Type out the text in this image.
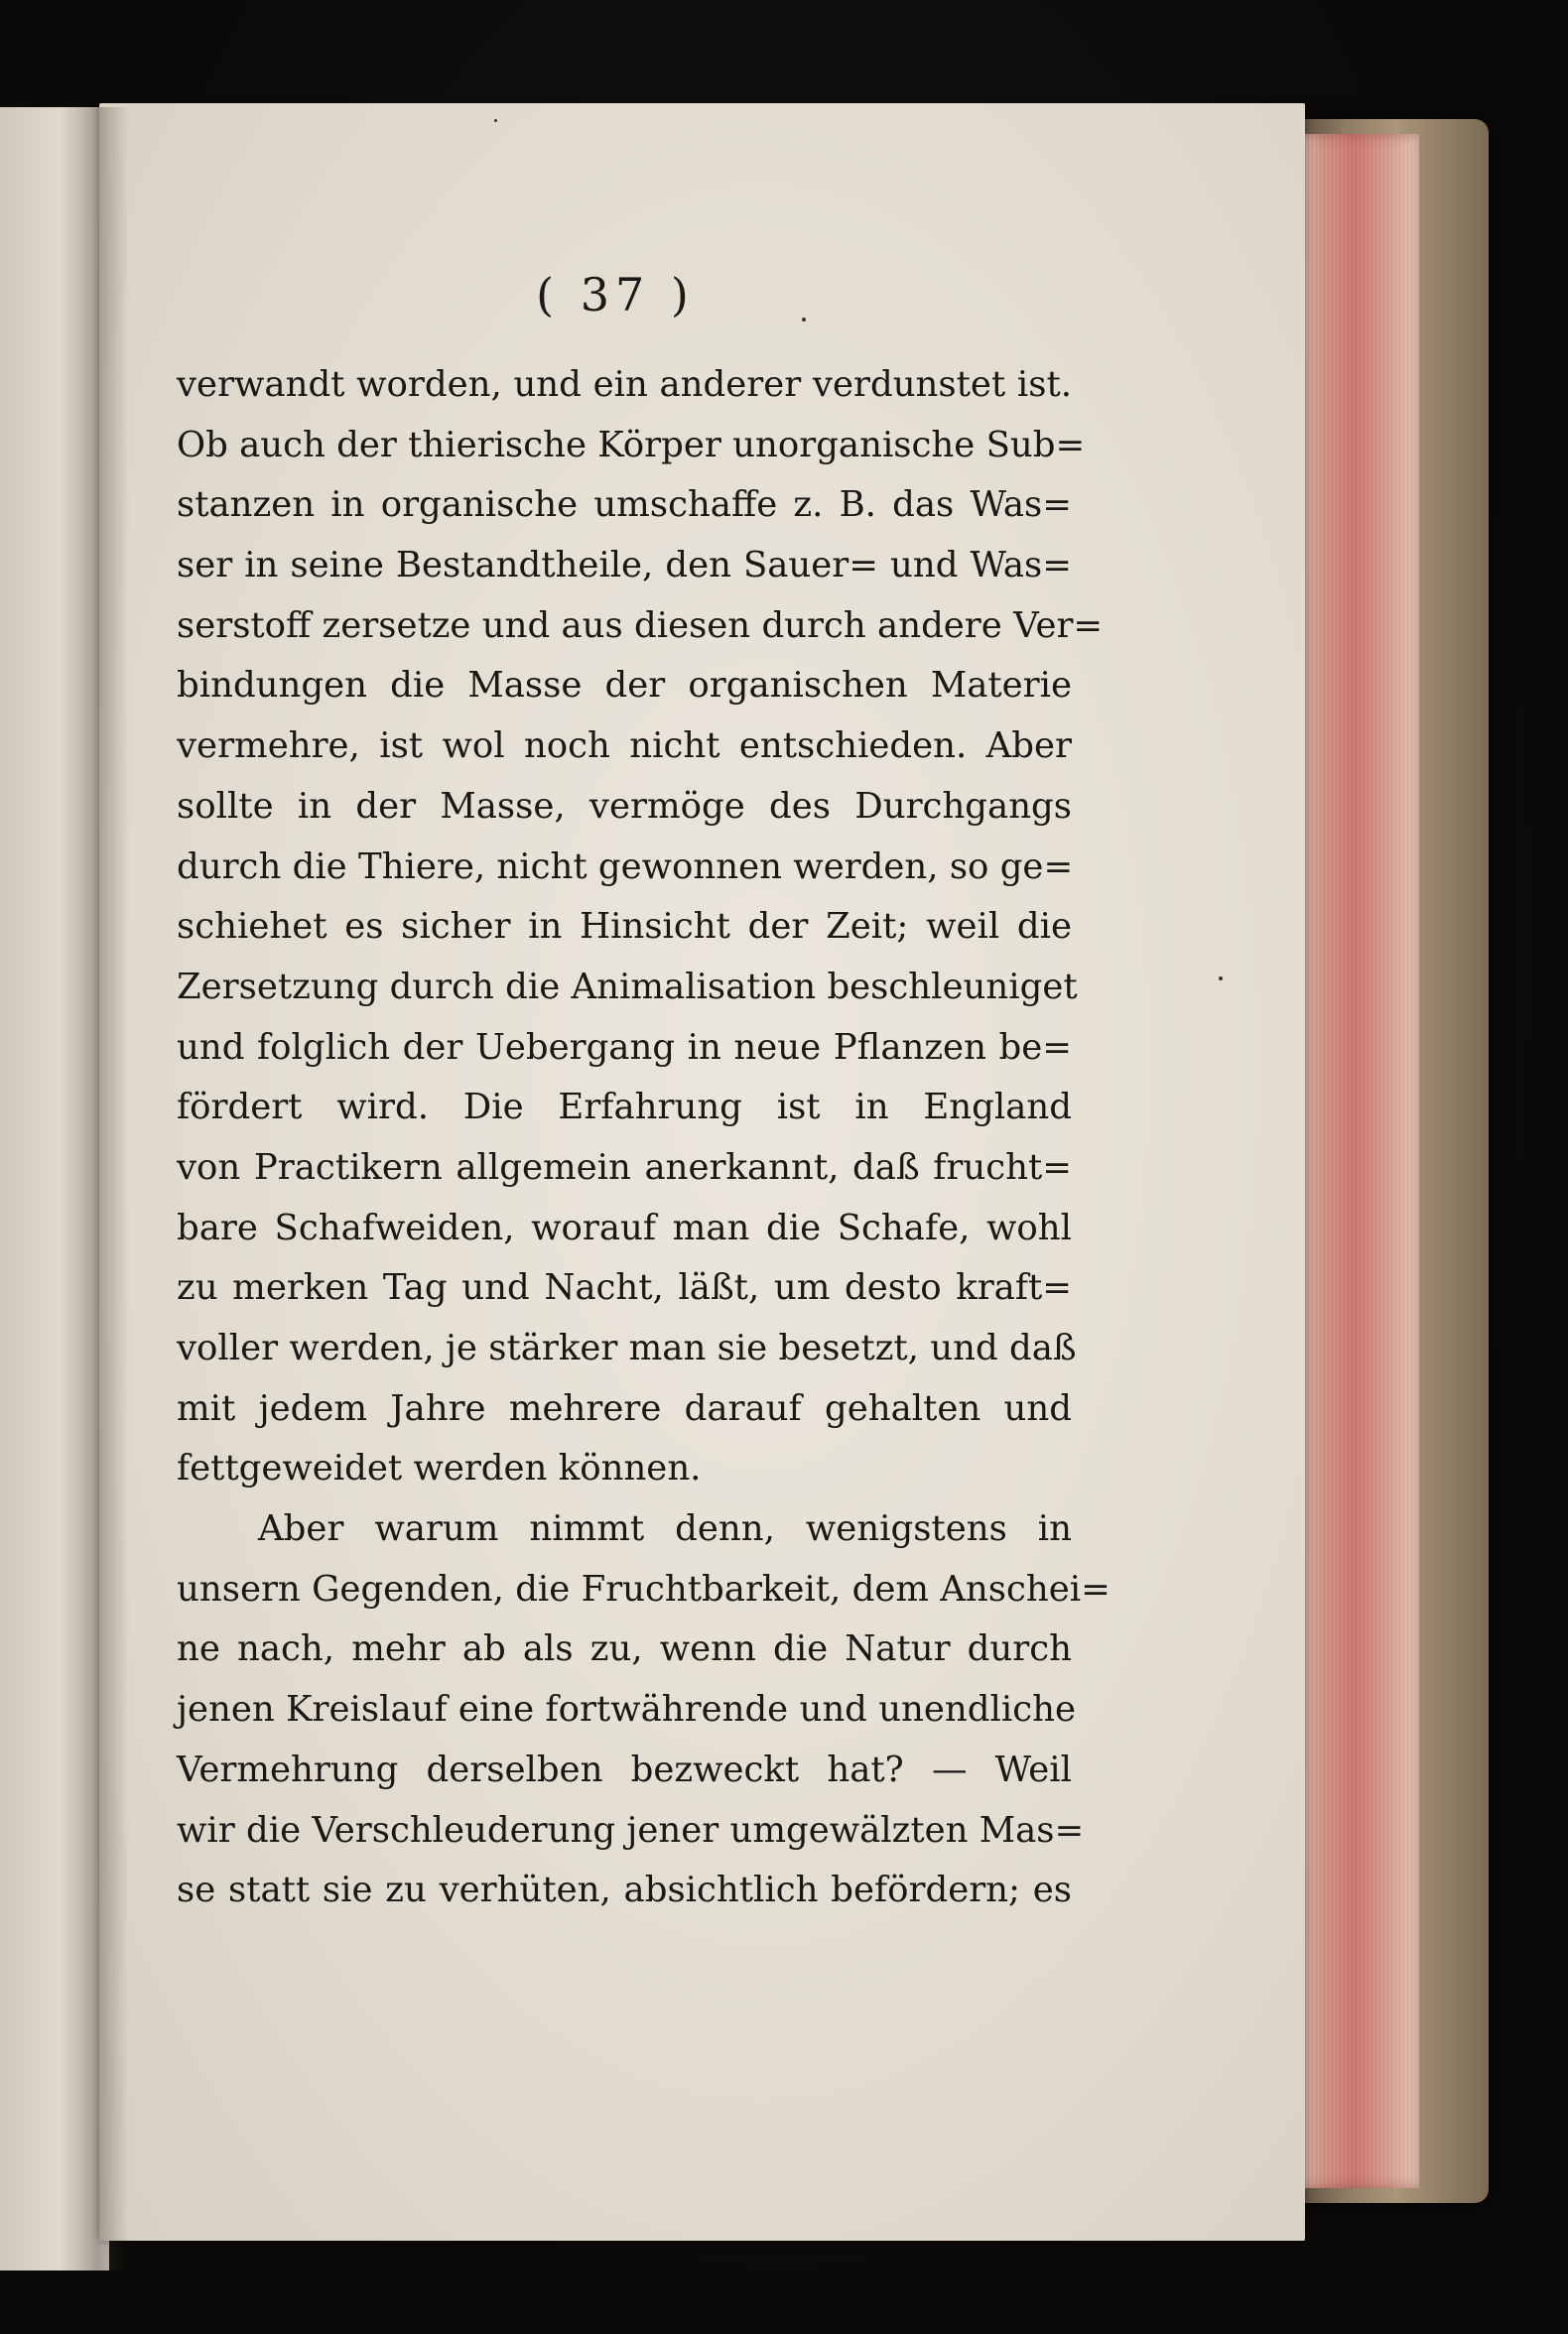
( 37 )
verwandt worden, und ein anderer verdunstet ist.
Ob auch der thierische Körper unorganische Sub=
stanzen in organische umschaffe z. B. das Was=
ser in seine Bestandtheile, den Sauer= und Was=
serstoff zersetze und aus diesen durch andere Ver=
bindungen die Masse der organischen Materie
vermehre, ist wol noch nicht entschieden. Aber
sollte in der Masse, vermöge des Durchgangs
durch die Thiere, nicht gewonnen werden, so ge=
schiehet es sicher in Hinsicht der Zeit; weil die
Zersetzung durch die Animalisation beschleuniget
und folglich der Uebergang in neue Pflanzen be=
fördert wird. Die Erfahrung ist in England
von Practikern allgemein anerkannt, daß frucht=
bare Schafweiden, worauf man die Schafe, wohl
zu merken Tag und Nacht, läßt, um desto kraft=
voller werden, je stärker man sie besetzt, und daß
mit jedem Jahre mehrere darauf gehalten und
fettgeweidet werden können.
Aber warum nimmt denn, wenigstens in
unsern Gegenden, die Fruchtbarkeit, dem Anschei=
ne nach, mehr ab als zu, wenn die Natur durch
jenen Kreislauf eine fortwährende und unendliche
Vermehrung derselben bezweckt hat? — Weil
wir die Verschleuderung jener umgewälzten Mas=
se statt sie zu verhüten, absichtlich befördern; es
